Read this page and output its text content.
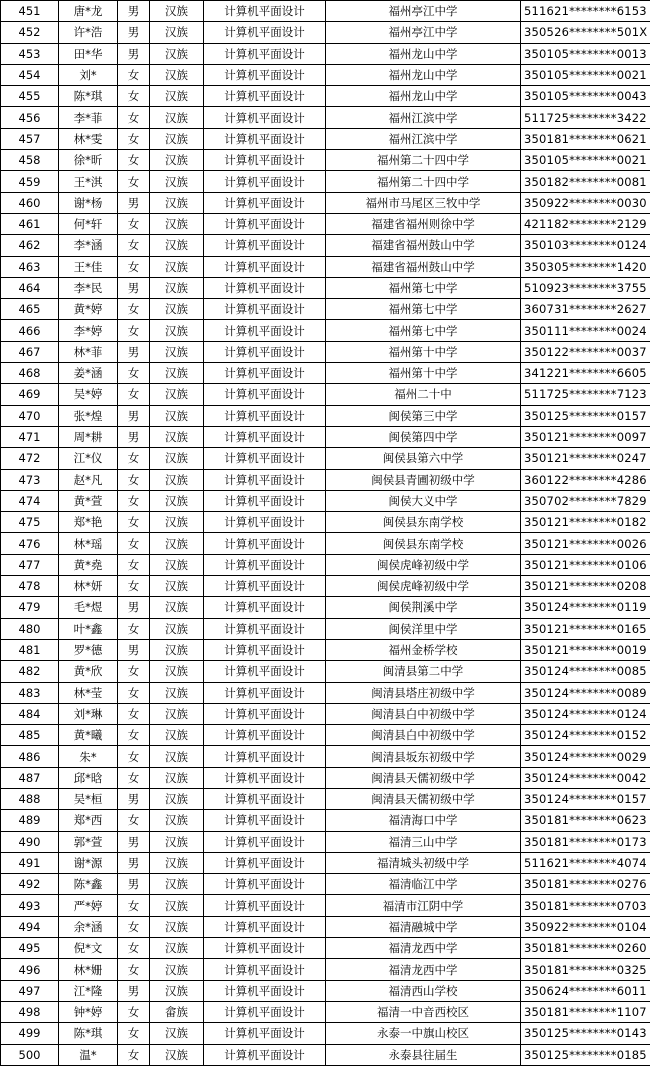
451	唐*龙	男	汉族	计算机平面设计	福州亭江中学	511621********6153
452	许*浩	男	汉族	计算机平面设计	福州亭江中学	350526********501X
453	田*华	男	汉族	计算机平面设计	福州龙山中学	350105********0013
454	刘*	女	汉族	计算机平面设计	福州龙山中学	350105********0021
455	陈*琪	女	汉族	计算机平面设计	福州龙山中学	350105********0043
456	李*菲	女	汉族	计算机平面设计	福州江滨中学	511725********3422
457	林*雯	女	汉族	计算机平面设计	福州江滨中学	350181********0621
458	徐*昕	女	汉族	计算机平面设计	福州第二十四中学	350105********0021
459	王*淇	女	汉族	计算机平面设计	福州第二十四中学	350182********0081
460	谢*杨	男	汉族	计算机平面设计	福州市马尾区三牧中学	350922********0030
461	何*轩	女	汉族	计算机平面设计	福建省福州则徐中学	421182********2129
462	李*涵	女	汉族	计算机平面设计	福建省福州鼓山中学	350103********0124
463	王*佳	女	汉族	计算机平面设计	福建省福州鼓山中学	350305********1420
464	李*民	男	汉族	计算机平面设计	福州第七中学	510923********3755
465	黄*婷	女	汉族	计算机平面设计	福州第七中学	360731********2627
466	李*婷	女	汉族	计算机平面设计	福州第七中学	350111********0024
467	林*菲	男	汉族	计算机平面设计	福州第十中学	350122********0037
468	姜*涵	女	汉族	计算机平面设计	福州第十中学	341221********6605
469	吴*婷	女	汉族	计算机平面设计	福州二十中	511725********7123
470	张*煌	男	汉族	计算机平面设计	闽侯第三中学	350125********0157
471	周*耕	男	汉族	计算机平面设计	闽侯第四中学	350121********0097
472	江*仪	女	汉族	计算机平面设计	闽侯县第六中学	350121********0247
473	赵*凡	女	汉族	计算机平面设计	闽侯县青圃初级中学	360122********4286
474	黄*萱	女	汉族	计算机平面设计	闽侯大义中学	350702********7829
475	郑*艳	女	汉族	计算机平面设计	闽侯县东南学校	350121********0182
476	林*瑶	女	汉族	计算机平面设计	闽侯县东南学校	350121********0026
477	黄*堯	女	汉族	计算机平面设计	闽侯虎峰初级中学	350121********0106
478	林*妍	女	汉族	计算机平面设计	闽侯虎峰初级中学	350121********0208
479	毛*煜	男	汉族	计算机平面设计	闽侯荆溪中学	350124********0119
480	叶*鑫	女	汉族	计算机平面设计	闽侯洋里中学	350121********0165
481	罗*德	男	汉族	计算机平面设计	福州金桥学校	350121********0019
482	黄*欣	女	汉族	计算机平面设计	闽清县第二中学	350124********0085
483	林*莹	女	汉族	计算机平面设计	闽清县塔庄初级中学	350124********0089
484	刘*琳	女	汉族	计算机平面设计	闽清县白中初级中学	350124********0124
485	黄*曦	女	汉族	计算机平面设计	闽清县白中初级中学	350124********0152
486	朱*	女	汉族	计算机平面设计	闽清县坂东初级中学	350124********0029
487	邱*晗	女	汉族	计算机平面设计	闽清县天儒初级中学	350124********0042
488	吴*桓	男	汉族	计算机平面设计	闽清县天儒初级中学	350124********0157
489	郑*西	女	汉族	计算机平面设计	福清海口中学	350181********0623
490	郭*萱	男	汉族	计算机平面设计	福清三山中学	350181********0173
491	谢*源	男	汉族	计算机平面设计	福清城头初级中学	511621********4074
492	陈*鑫	男	汉族	计算机平面设计	福清临江中学	350181********0276
493	严*婷	女	汉族	计算机平面设计	福清市江阴中学	350181********0703
494	余*涵	女	汉族	计算机平面设计	福清融城中学	350922********0104
495	倪*文	女	汉族	计算机平面设计	福清龙西中学	350181********0260
496	林*姗	女	汉族	计算机平面设计	福清龙西中学	350181********0325
497	江*隆	男	汉族	计算机平面设计	福清西山学校	350624********6011
498	钟*婷	女	畲族	计算机平面设计	福清一中音西校区	350181********1107
499	陈*琪	女	汉族	计算机平面设计	永泰一中旗山校区	350125********0143
500	温*	女	汉族	计算机平面设计	永泰县往届生	350125********0185
